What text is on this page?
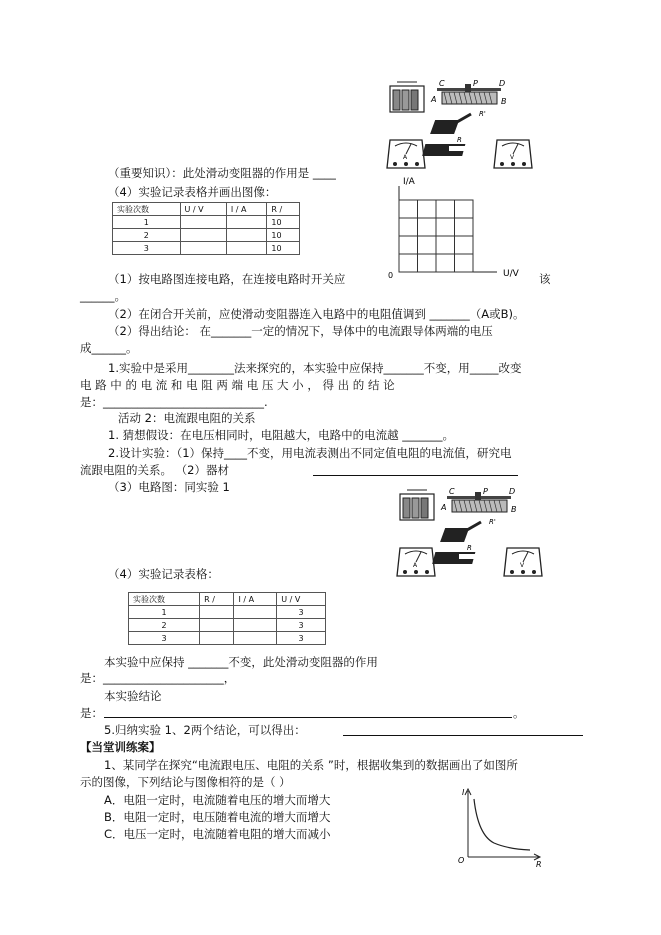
C	P	D
A	B
R'
A
R
V
（重要知识）：此处滑动变阻器的作用是 ____
（4）实验记录表格并画出图像：
实验次数	U / V	I / A	R /
1			10
2			10
3			10
I/A
0	U/V
（1）按电路图连接电路，在连接电路时开关应	该
______。
（2）在闭合开关前，应使滑动变阻器连入电路中的电阻值调到 _______（A或B)。
（2）得出结论： 在_______一定的情况下，导体中的电流跟导体两端的电压
成______。
1.实验中是采用________法来探究的，本实验中应保持_______不变，用_____改变
电 路 中 的 电 流 和 电 阻 两 端 电 压 大 小 ， 得 出 的 结 论
是：____________________________.
活动 2：电流跟电阻的关系
1. 猜想假设：在电压相同时，电阻越大，电路中的电流越 _______。
2.设计实验：（1）保持____不变，用电流表测出不同定值电阻的电流值，研究电
流跟电阻的关系。 （2）器材
（3）电路图：同实验 1	C	P	D
A	B
R'
A
R
V
（4）实验记录表格：
实验次数	R /	I / A	U / V
1			3
2			3
3			3
本实验中应保持 _______不变，此处滑动变阻器的作用
是：_____________________，
本实验结论
是：	。
5.归纳实验 1、2两个结论，可以得出：
【当堂训练案】
1、某同学在探究“电流跟电压、电阻的关系 ”时，根据收集到的数据画出了如图所
示的图像，下列结论与图像相符的是（ ）
A．电阻一定时，电流随着电压的增大而增大
B．电阻一定时，电压随着电流的增大而增大
C．电压一定时，电流随着电阻的增大而减小
I
O	R
